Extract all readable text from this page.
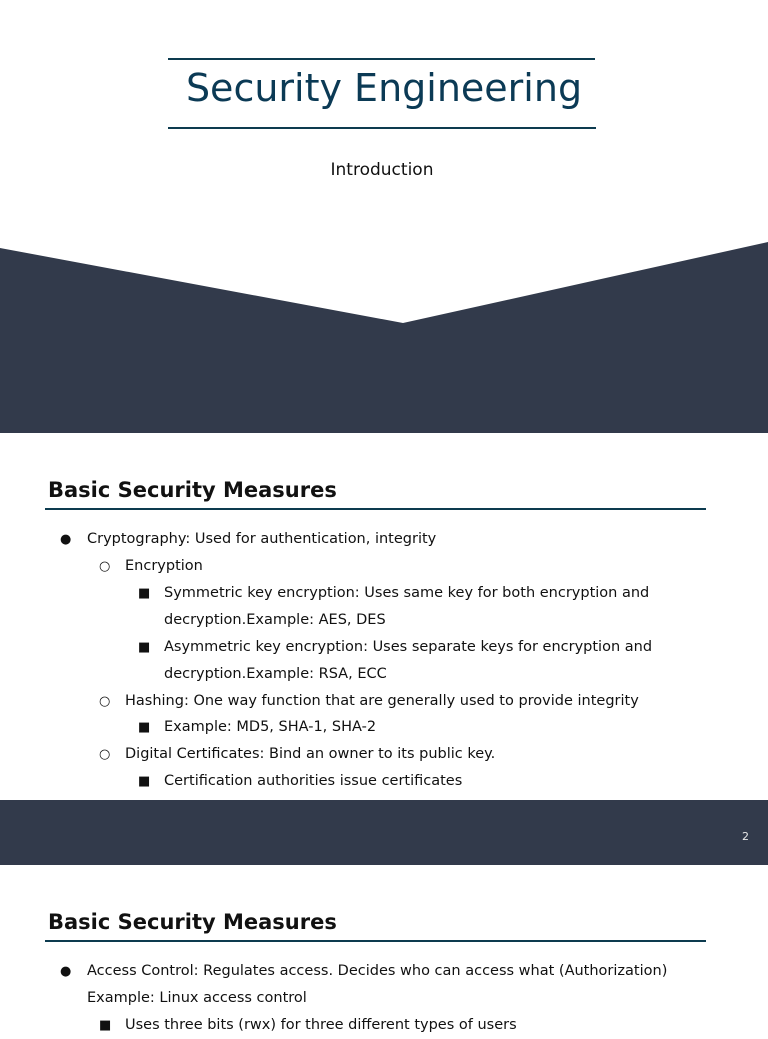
Security Engineering
Introduction
Basic Security Measures
● Cryptography: Used for authentication, integrity
○ Encryption
■ Symmetric key encryption: Uses same key for both encryption and
decryption.Example: AES, DES
■ Asymmetric key encryption: Uses separate keys for encryption and
decryption.Example: RSA, ECC
○ Hashing: One way function that are generally used to provide integrity
■ Example: MD5, SHA-1, SHA-2
○ Digital Certificates: Bind an owner to its public key.
■ Certification authorities issue certificates
2
Basic Security Measures
● Access Control: Regulates access. Decides who can access what (Authorization)
Example: Linux access control
■ Uses three bits (rwx) for three different types of users
